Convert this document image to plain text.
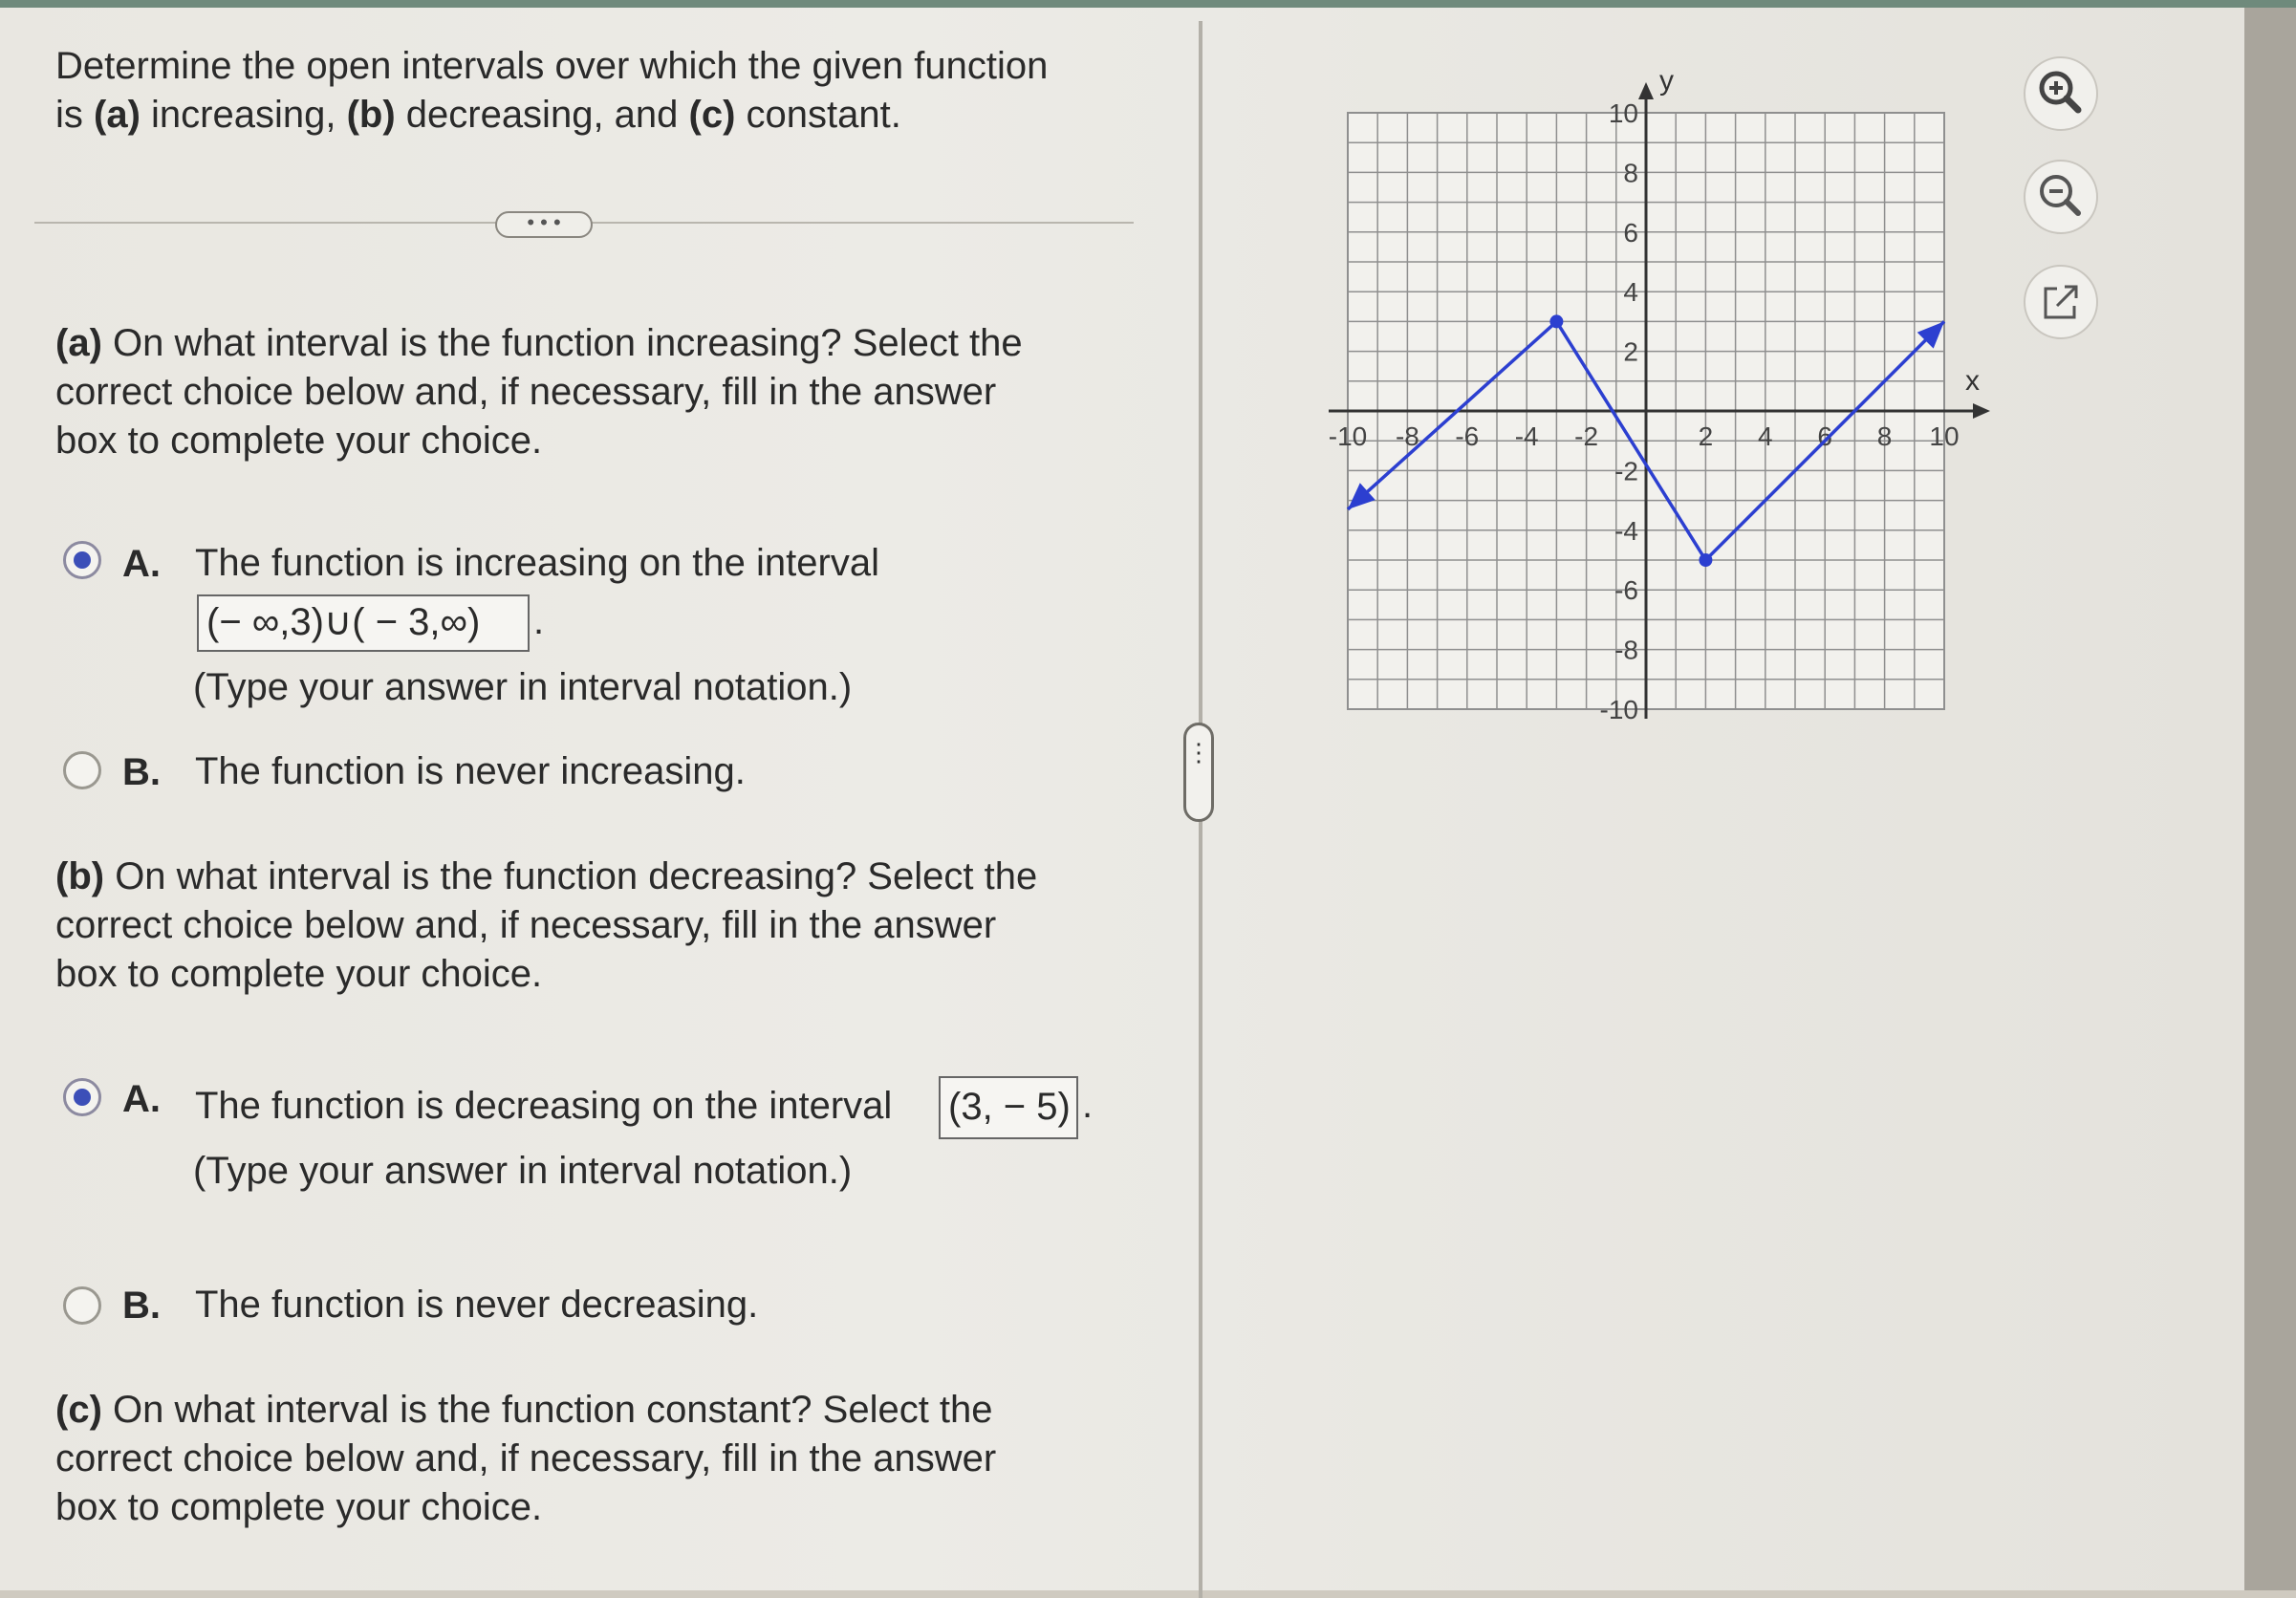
Determine the open intervals over which the given function
is (a) increasing, (b) decreasing, and (c) constant.
• • •
(a) On what interval is the function increasing? Select the
correct choice below and, if necessary, fill in the answer
box to complete your choice.
A. The function is increasing on the interval
(− ∞,3)∪( − 3,∞)	.
(Type your answer in interval notation.)
B. The function is never increasing.
(b) On what interval is the function decreasing? Select the
correct choice below and, if necessary, fill in the answer
box to complete your choice.
A. The function is decreasing on the interval (3, − 5) .
(Type your answer in interval notation.)
B. The function is never decreasing.
(c) On what interval is the function constant? Select the
correct choice below and, if necessary, fill in the answer
box to complete your choice.
⋮
-10 -8 -6 -4 -2	2 4 6 8 10
10
8
6
4
2
-2
-4
-6
-8
-10
x
y
